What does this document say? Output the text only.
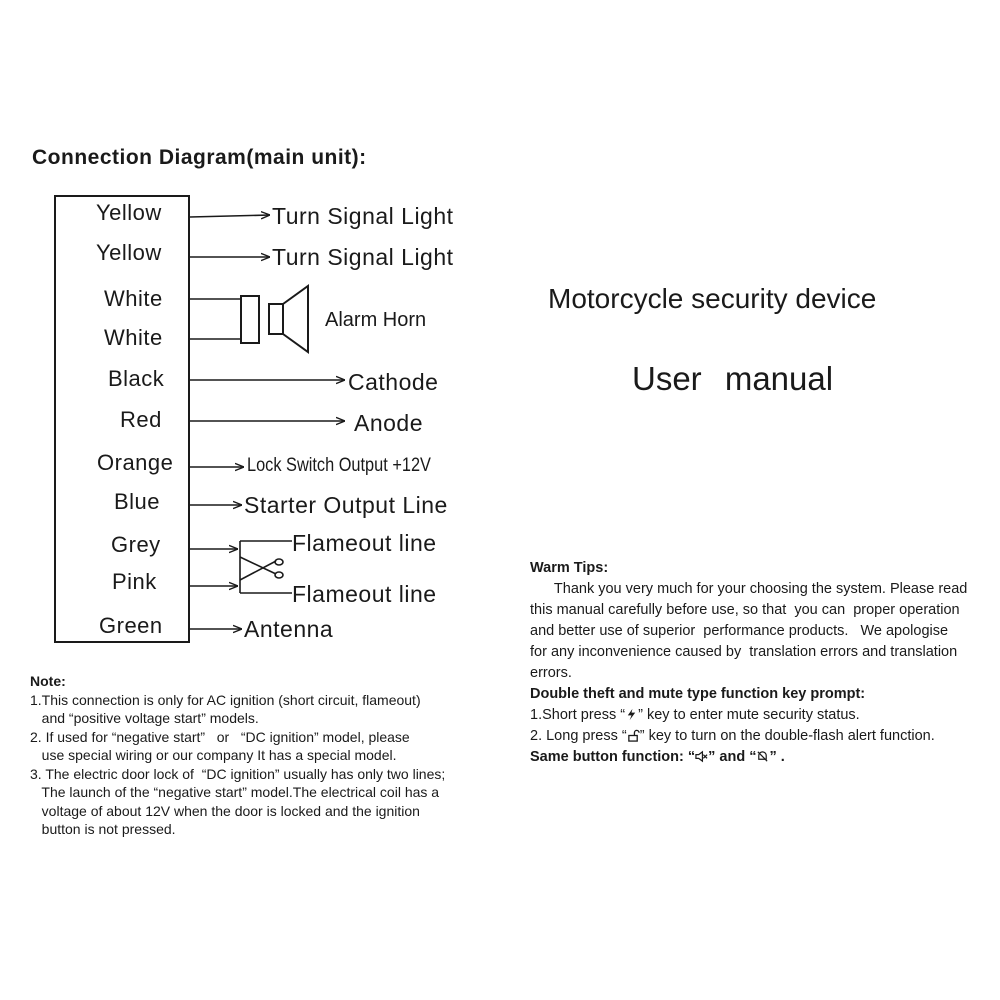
Connection Diagram(main unit):
Yellow
Yellow
White
White
Black
Red
Orange
Blue
Grey
Pink
Green
Turn Signal Light
Turn Signal Light
Alarm Horn
Cathode
Anode
Lock Switch Output +12V
Starter Output Line
Flameout line
Flameout line
Antenna
Motorcycle security device
User manual
Note:
1.This connection is only for AC ignition (short circuit, flameout)
and “positive voltage start” models.
2. If used for “negative start”   or   “DC ignition” model, please
use special wiring or our company It has a special model.
3. The electric door lock of  “DC ignition” usually has only two lines;
The launch of the “negative start” model.The electrical coil has a
voltage of about 12V when the door is locked and the ignition
button is not pressed.
Warm Tips:
Thank you very much for your choosing the system. Please read
this manual carefully before use, so that  you can  proper operation
and better use of superior  performance products.   We apologise
for any inconvenience caused by  translation errors and translation
errors.
Double theft and mute type function key prompt:
1.Short press “ ” key to enter mute security status.
2. Long press “ ” key to turn on the double-flash alert function.
Same button function: “ ” and “ ” .
